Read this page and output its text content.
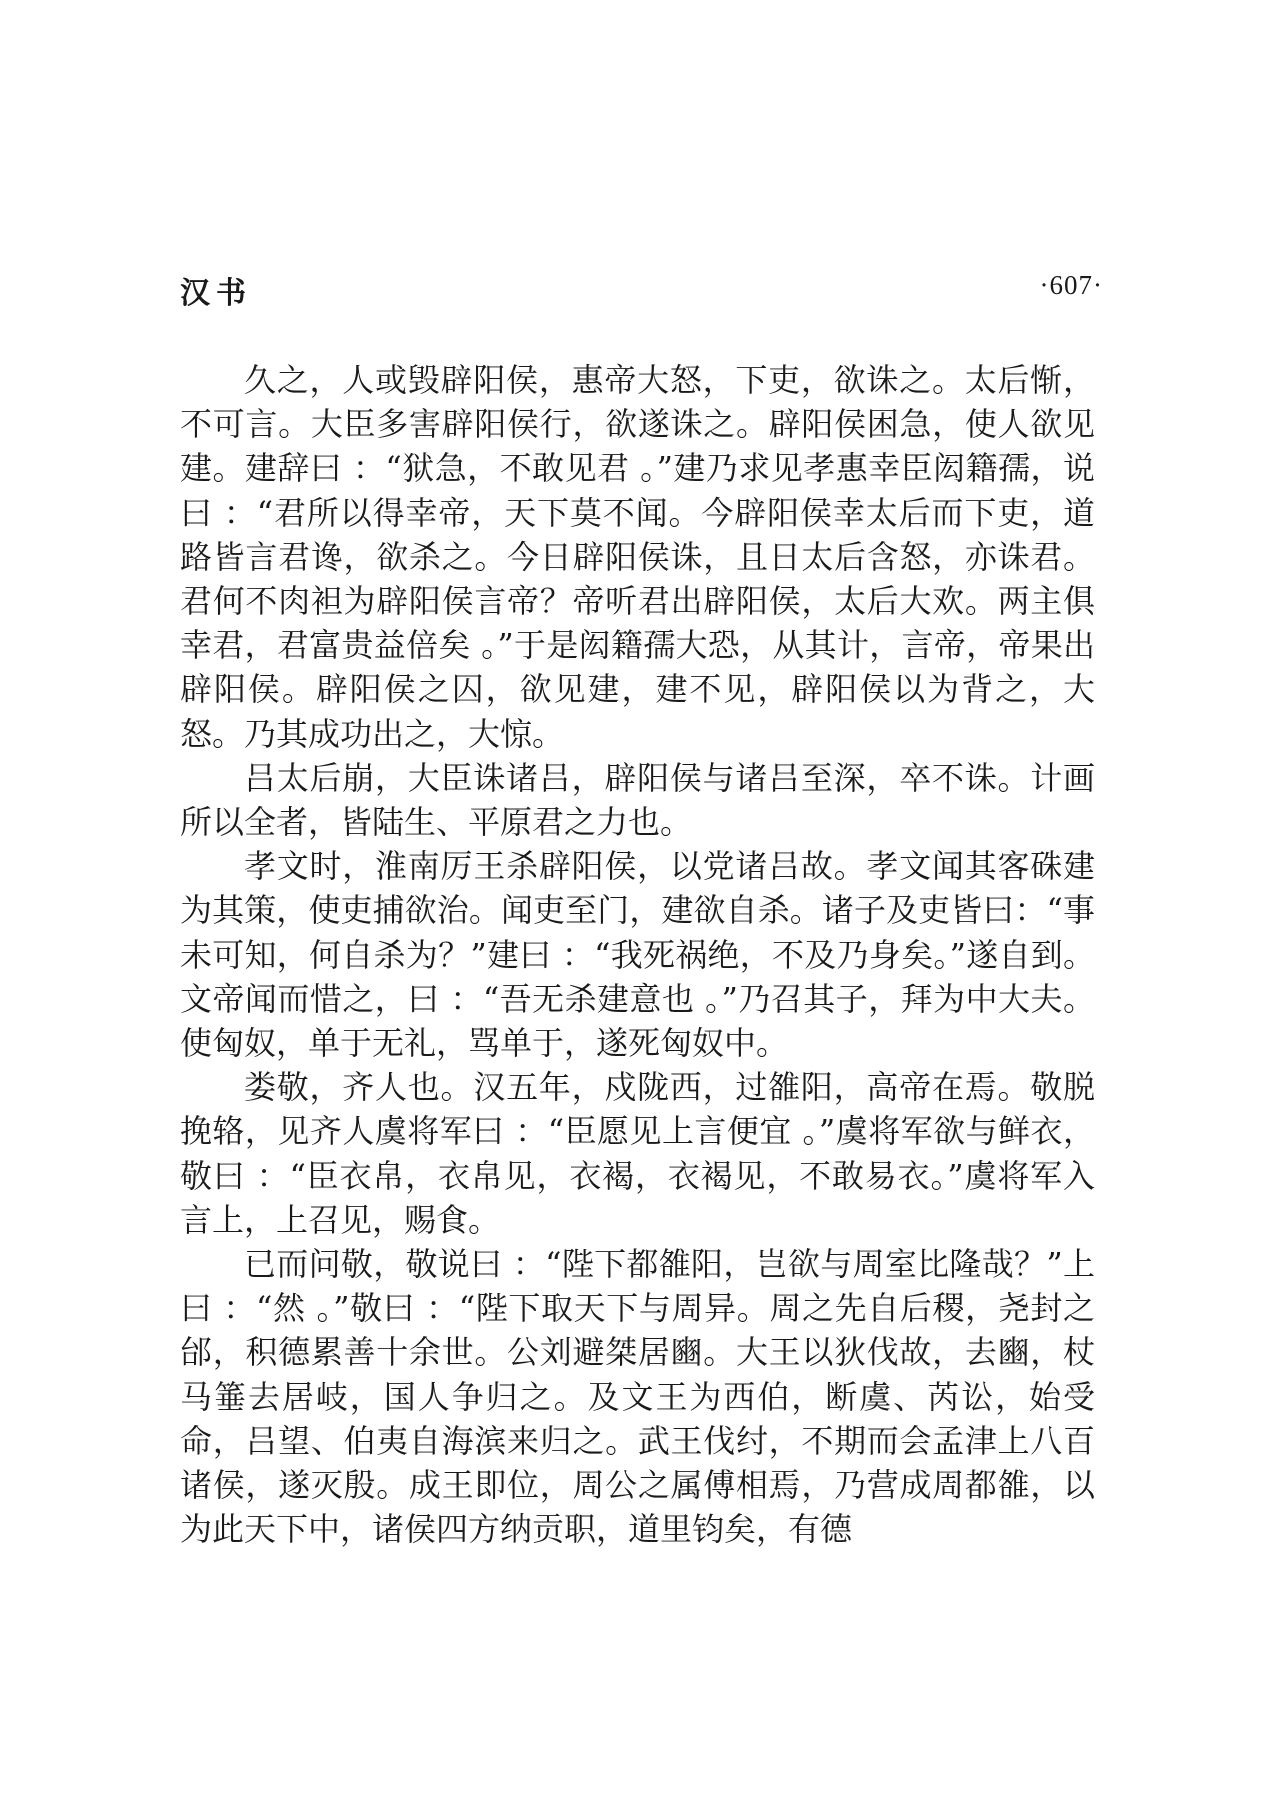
汉书	·607·

久之，人或毁辟阳侯，惠帝大怒，下吏，欲诛之。太后惭，不可言。大臣多害辟阳侯行，欲遂诛之。辟阳侯困急，使人欲见建。建辞曰 ：“狱急，不敢见君 。”建乃求见孝惠幸臣闳籍孺，说曰 ：“君所以得幸帝，天下莫不闻。今辟阳侯幸太后而下吏，道路皆言君谗，欲杀之。今日辟阳侯诛，且日太后含怒，亦诛君。君何不肉袒为辟阳侯言帝？帝听君出辟阳侯，太后大欢。两主俱幸君，君富贵益倍矣 。”于是闳籍孺大恐，从其计，言帝，帝果出辟阳侯。辟阳侯之囚，欲见建，建不见，辟阳侯以为背之，大怒。乃其成功出之，大惊。

吕太后崩，大臣诛诸吕，辟阳侯与诸吕至深，卒不诛。计画所以全者，皆陆生、平原君之力也。

孝文时，淮南厉王杀辟阳侯，以党诸吕故。孝文闻其客硃建为其策，使吏捕欲治。闻吏至门，建欲自杀。诸子及吏皆曰：“事未可知，何自杀为？”建曰 ：“我死祸绝，不及乃身矣。”遂自到。文帝闻而惜之，曰 ：“吾无杀建意也 。”乃召其子，拜为中大夫。使匈奴，单于无礼，骂单于，遂死匈奴中。

娄敬，齐人也。汉五年，戍陇西，过雒阳，高帝在焉。敬脱挽辂，见齐人虞将军曰 ：“臣愿见上言便宜 。”虞将军欲与鲜衣，敬曰 ：“臣衣帛，衣帛见，衣褐，衣褐见，不敢易衣。”虞将军入言上，上召见，赐食。

已而问敬，敬说曰 ：“陛下都雒阳，岂欲与周室比隆哉？”上曰 ：“然 。”敬曰 ：“陛下取天下与周异。周之先自后稷，尧封之邰，积德累善十余世。公刘避桀居豳。大王以狄伐故，去豳，杖马箠去居岐，国人争归之。及文王为西伯，断虞、芮讼，始受命，吕望、伯夷自海滨来归之。武王伐纣，不期而会孟津上八百诸侯，遂灭殷。成王即位，周公之属傅相焉，乃营成周都雒，以为此天下中，诸侯四方纳贡职，道里钧矣，有德
